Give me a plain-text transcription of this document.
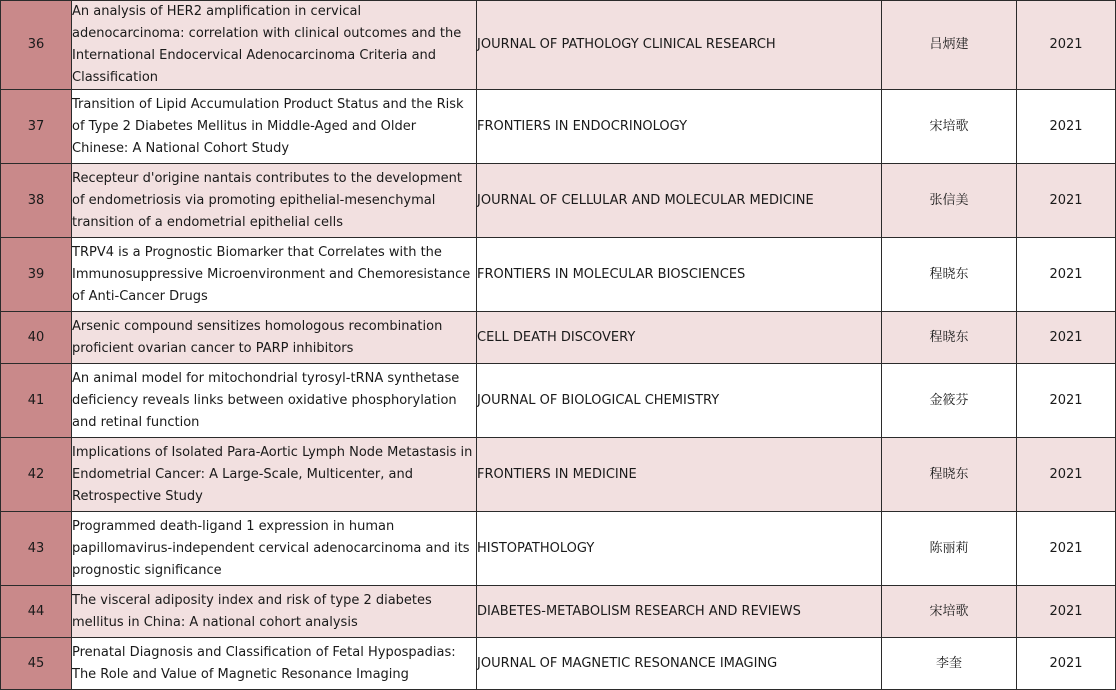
36	An analysis of HER2 amplification in cervical adenocarcinoma: correlation with clinical outcomes and the International Endocervical Adenocarcinoma Criteria and Classification	JOURNAL OF PATHOLOGY CLINICAL RESEARCH	吕炳建	2021
37	Transition of Lipid Accumulation Product Status and the Risk of Type 2 Diabetes Mellitus in Middle-Aged and Older Chinese: A National Cohort Study	FRONTIERS IN ENDOCRINOLOGY	宋培歌	2021
38	Recepteur d'origine nantais contributes to the development of endometriosis via promoting epithelial-mesenchymal transition of a endometrial epithelial cells	JOURNAL OF CELLULAR AND MOLECULAR MEDICINE	张信美	2021
39	TRPV4 is a Prognostic Biomarker that Correlates with the Immunosuppressive Microenvironment and Chemoresistance of Anti-Cancer Drugs	FRONTIERS IN MOLECULAR BIOSCIENCES	程晓东	2021
40	Arsenic compound sensitizes homologous recombination proficient ovarian cancer to PARP inhibitors	CELL DEATH DISCOVERY	程晓东	2021
41	An animal model for mitochondrial tyrosyl-tRNA synthetase deficiency reveals links between oxidative phosphorylation and retinal function	JOURNAL OF BIOLOGICAL CHEMISTRY	金筱芬	2021
42	Implications of Isolated Para-Aortic Lymph Node Metastasis in Endometrial Cancer: A Large-Scale, Multicenter, and Retrospective Study	FRONTIERS IN MEDICINE	程晓东	2021
43	Programmed death-ligand 1 expression in human papillomavirus-independent cervical adenocarcinoma and its prognostic significance	HISTOPATHOLOGY	陈丽莉	2021
44	The visceral adiposity index and risk of type 2 diabetes mellitus in China: A national cohort analysis	DIABETES-METABOLISM RESEARCH AND REVIEWS	宋培歌	2021
45	Prenatal Diagnosis and Classification of Fetal Hypospadias: The Role and Value of Magnetic Resonance Imaging	JOURNAL OF MAGNETIC RESONANCE IMAGING	李奎	2021
